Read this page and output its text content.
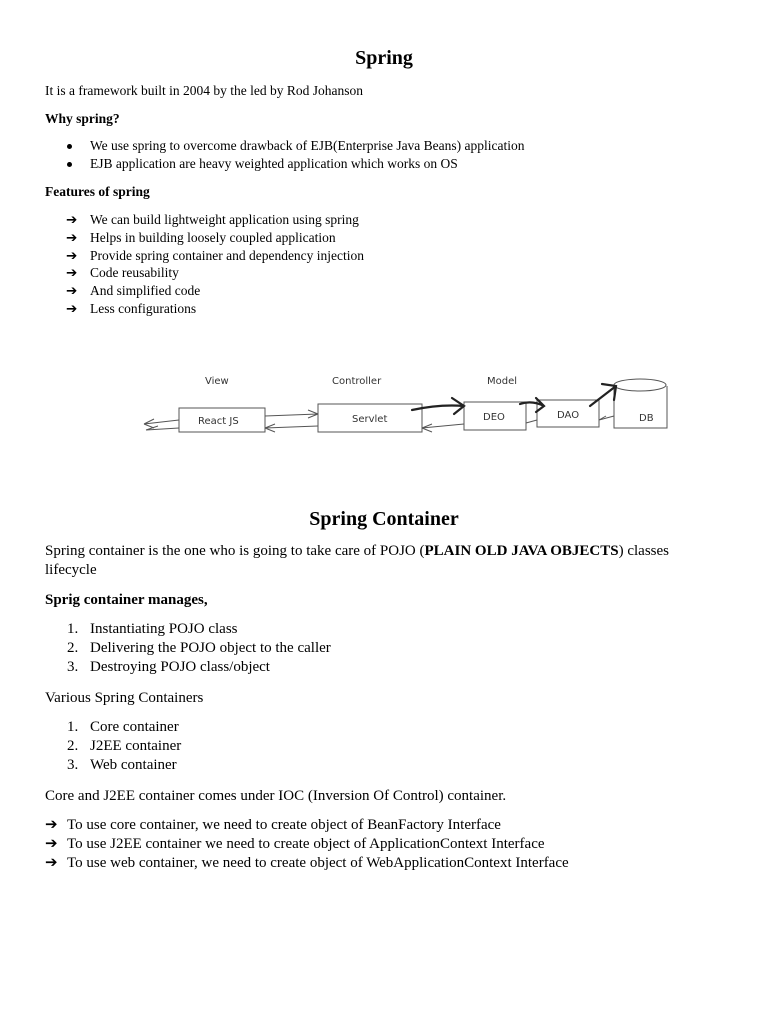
Spring

It is a framework built in 2004 by the led by Rod Johanson

Why spring?

We use spring to overcome drawback of EJB(Enterprise Java Beans) application
EJB application are heavy weighted application which works on OS

Features of spring

➔ We can build lightweight application using spring
➔ Helps in building loosely coupled application
➔ Provide spring container and dependency injection
➔ Code reusability
➔ And simplified code
➔ Less configurations
View	Controller	Model
React JS	Servlet	DEO	DAO	DB
Spring Container

Spring container is the one who is going to take care of POJO (PLAIN OLD JAVA OBJECTS) classes

lifecycle

Sprig container manages,

1. Instantiating POJO class
2. Delivering the POJO object to the caller
3. Destroying POJO class/object

Various Spring Containers

1. Core container
2. J2EE container
3. Web container

Core and J2EE container comes under IOC (Inversion Of Control) container.

➔ To use core container, we need to create object of BeanFactory Interface
➔ To use J2EE container we need to create object of ApplicationContext Interface
➔ To use web container, we need to create object of WebApplicationContext Interface
